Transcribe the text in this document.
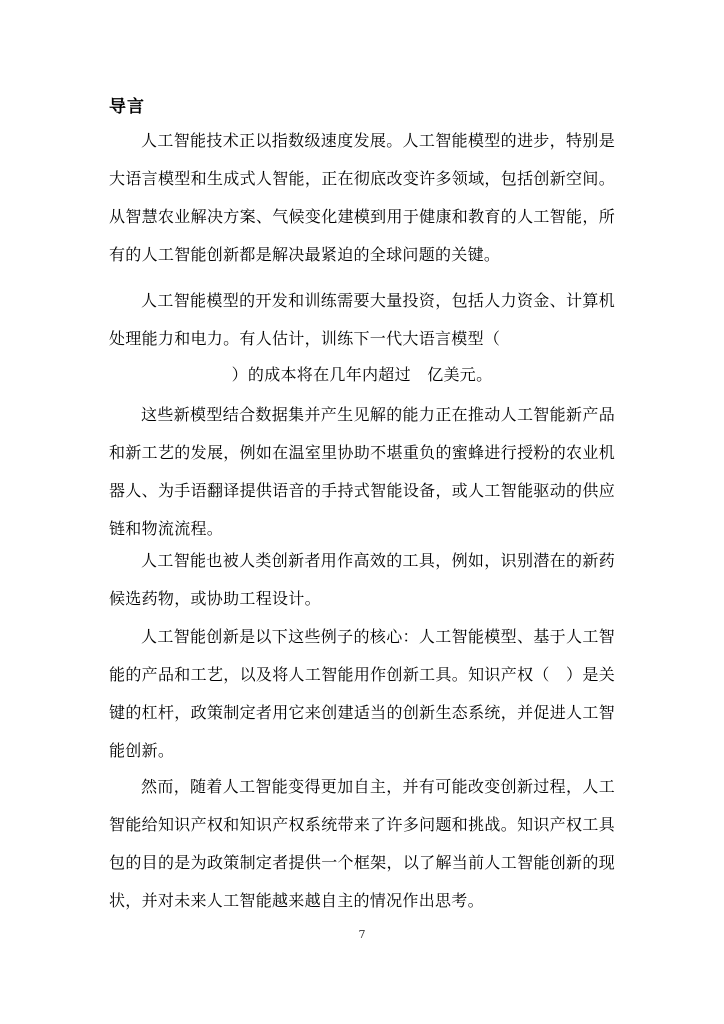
导言

人工智能技术正以指数级速度发展。人工智能模型的进步，特别是大语言模型和生成式人智能，正在彻底改变许多领域，包括创新空间。从智慧农业解决方案、气候变化建模到用于健康和教育的人工智能，所有的人工智能创新都是解决最紧迫的全球问题的关键。

人工智能模型的开发和训练需要大量投资，包括人力资金、计算机处理能力和电力。有人估计，训练下一代大语言模型（

）的成本将在几年内超过　亿美元。

这些新模型结合数据集并产生见解的能力正在推动人工智能新产品和新工艺的发展，例如在温室里协助不堪重负的蜜蜂进行授粉的农业机器人、为手语翻译提供语音的手持式智能设备，或人工智能驱动的供应链和物流流程。

人工智能也被人类创新者用作高效的工具，例如，识别潜在的新药候选药物，或协助工程设计。

人工智能创新是以下这些例子的核心：人工智能模型、基于人工智能的产品和工艺，以及将人工智能用作创新工具。知识产权（　）是关键的杠杆，政策制定者用它来创建适当的创新生态系统，并促进人工智能创新。

然而，随着人工智能变得更加自主，并有可能改变创新过程，人工智能给知识产权和知识产权系统带来了许多问题和挑战。知识产权工具包的目的是为政策制定者提供一个框架，以了解当前人工智能创新的现状，并对未来人工智能越来越自主的情况作出思考。

7
